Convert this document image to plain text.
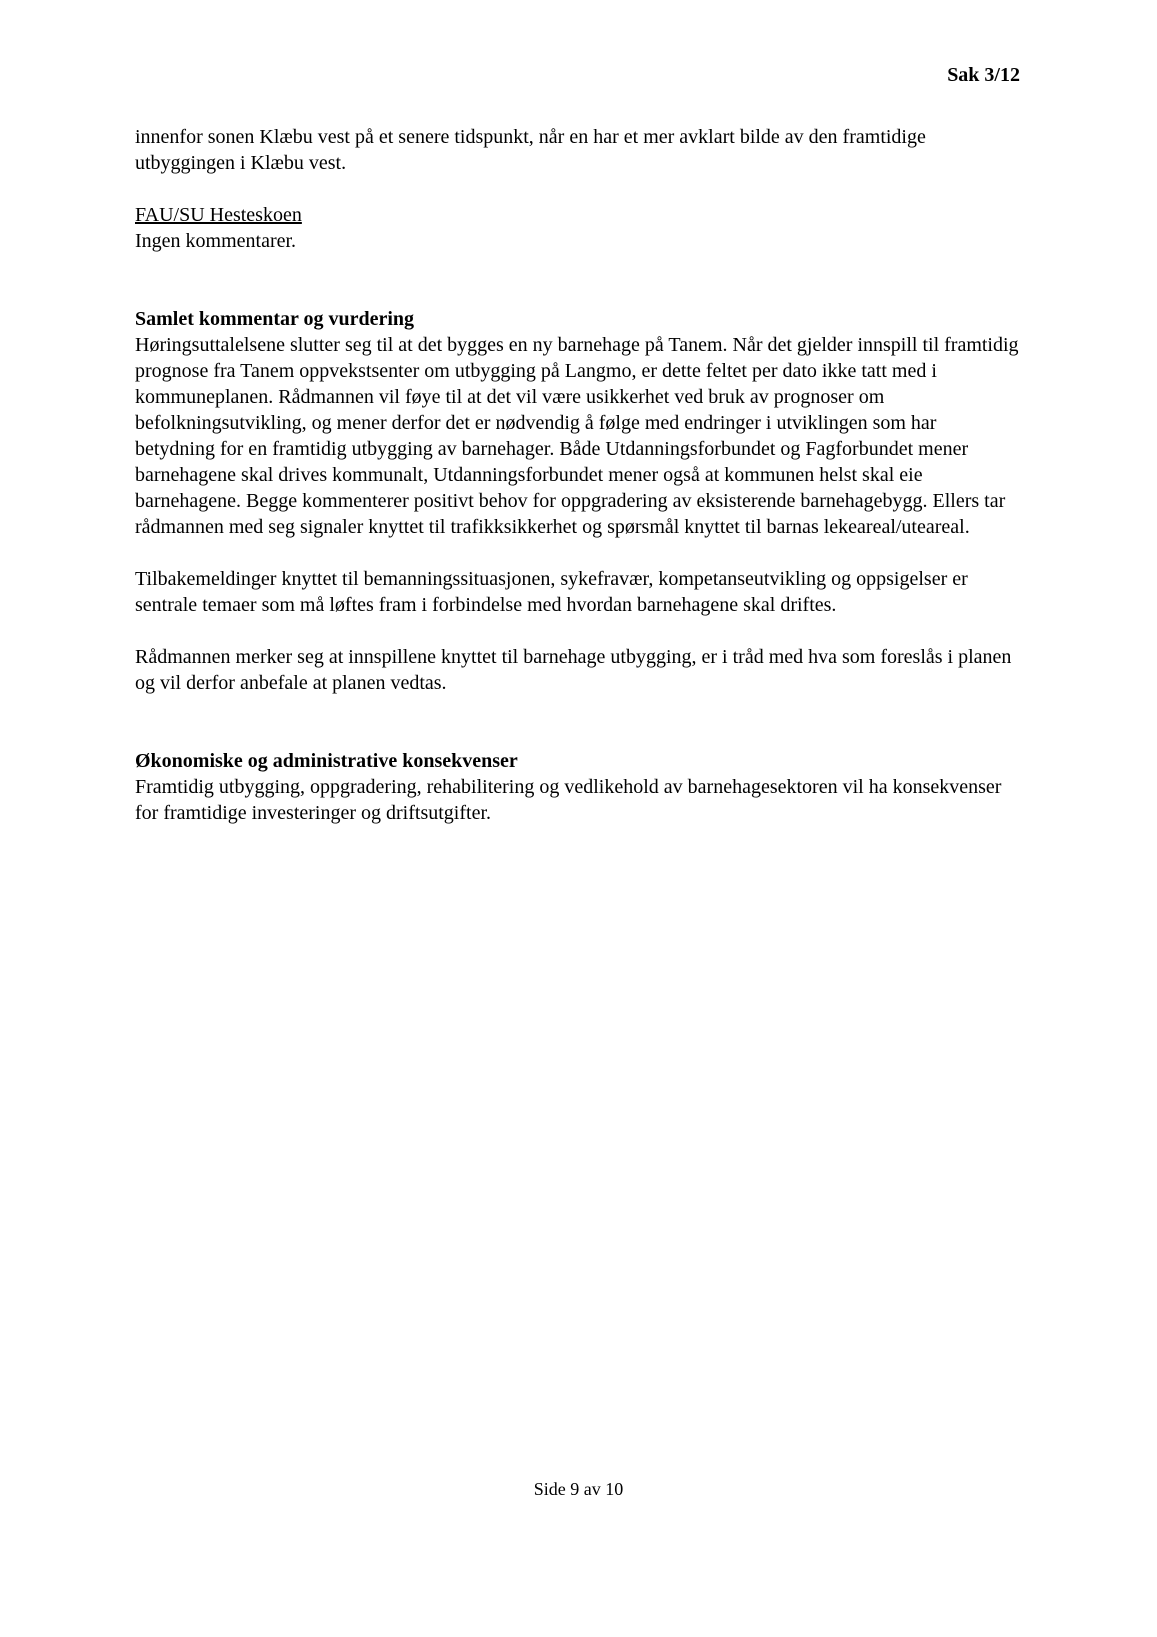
Sak 3/12

innenfor sonen Klæbu vest på et senere tidspunkt, når en har et mer avklart bilde av den framtidige utbyggingen i Klæbu vest.

FAU/SU Hesteskoen

Ingen kommentarer.

Samlet kommentar og vurdering

Høringsuttalelsene slutter seg til at det bygges en ny barnehage på Tanem. Når det gjelder innspill til framtidig prognose fra Tanem oppvekstsenter om utbygging på Langmo, er dette feltet per dato ikke tatt med i kommuneplanen. Rådmannen vil føye til at det vil være usikkerhet ved bruk av prognoser om befolkningsutvikling, og mener derfor det er nødvendig å følge med endringer i utviklingen som har betydning for en framtidig utbygging av barnehager. Både Utdanningsforbundet og Fagforbundet mener barnehagene skal drives kommunalt, Utdanningsforbundet mener også at kommunen helst skal eie barnehagene. Begge kommenterer positivt behov for oppgradering av eksisterende barnehagebygg. Ellers tar rådmannen med seg signaler knyttet til trafikksikkerhet og spørsmål knyttet til barnas lekeareal/uteareal.

Tilbakemeldinger knyttet til bemanningssituasjonen, sykefravær, kompetanseutvikling og oppsigelser er sentrale temaer som må løftes fram i forbindelse med hvordan barnehagene skal driftes.

Rådmannen merker seg at innspillene knyttet til barnehage utbygging, er i tråd med hva som foreslås i planen og vil derfor anbefale at planen vedtas.

Økonomiske og administrative konsekvenser

Framtidig utbygging, oppgradering, rehabilitering og vedlikehold av barnehagesektoren vil ha konsekvenser for framtidige investeringer og driftsutgifter.

Side 9 av 10
